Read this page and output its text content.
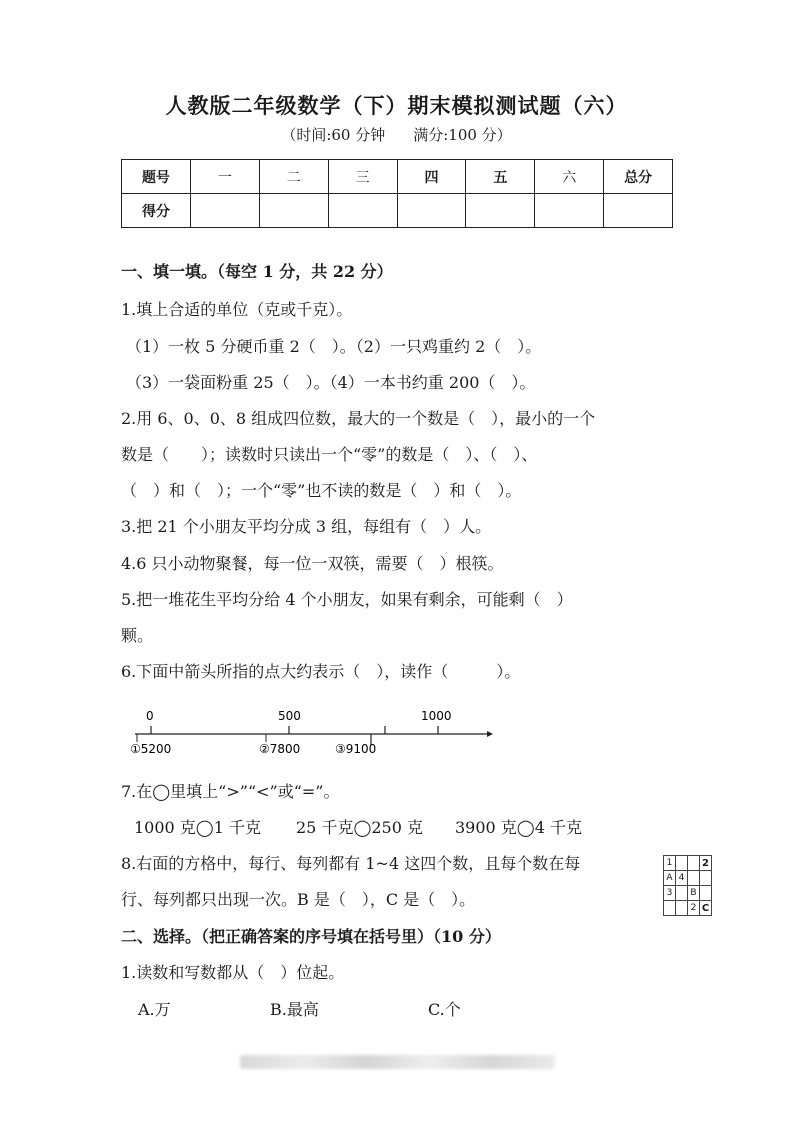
人教版二年级数学（下）期末模拟测试题（六）
（时间:60 分钟 满分:100 分）
题号	一	二	三	四	五	六	总分
得分							
一、填一填。（每空 1 分，共 22 分）
1.填上合适的单位（克或千克）。
（1）一枚 5 分硬币重 2（　）。（2）一只鸡重约 2（　）。
（3）一袋面粉重 25（　）。（4）一本书约重 200（　）。
2.用 6、0、0、8 组成四位数，最大的一个数是（　），最小的一个
数是（　　）；读数时只读出一个“零”的数是（　）、（　）、
（　）和（　）；一个“零”也不读的数是（　）和（　）。
3.把 21 个小朋友平均分成 3 组，每组有（　）人。
4.6 只小动物聚餐，每一位一双筷，需要（　）根筷。
5.把一堆花生平均分给 4 个小朋友，如果有剩余，可能剩（　）
颗。
6.下面中箭头所指的点大约表示（　），读作（　　　）。
0	500	1000
①5200	②7800	③9100
7.在◯里填上“>”“<”或“=”。
1000 克◯1 千克 25 千克◯250 克 3900 克◯4 千克
8.右面的方格中，每行、每列都有 1~4 这四个数，且每个数在每
行、每列都只出现一次。B 是（　），C 是（　）。
1			2
A	4		
3		B	
		2	C
二、选择。（把正确答案的序号填在括号里）（10 分）
1.读数和写数都从（　）位起。
A.万	B.最高	C.个
